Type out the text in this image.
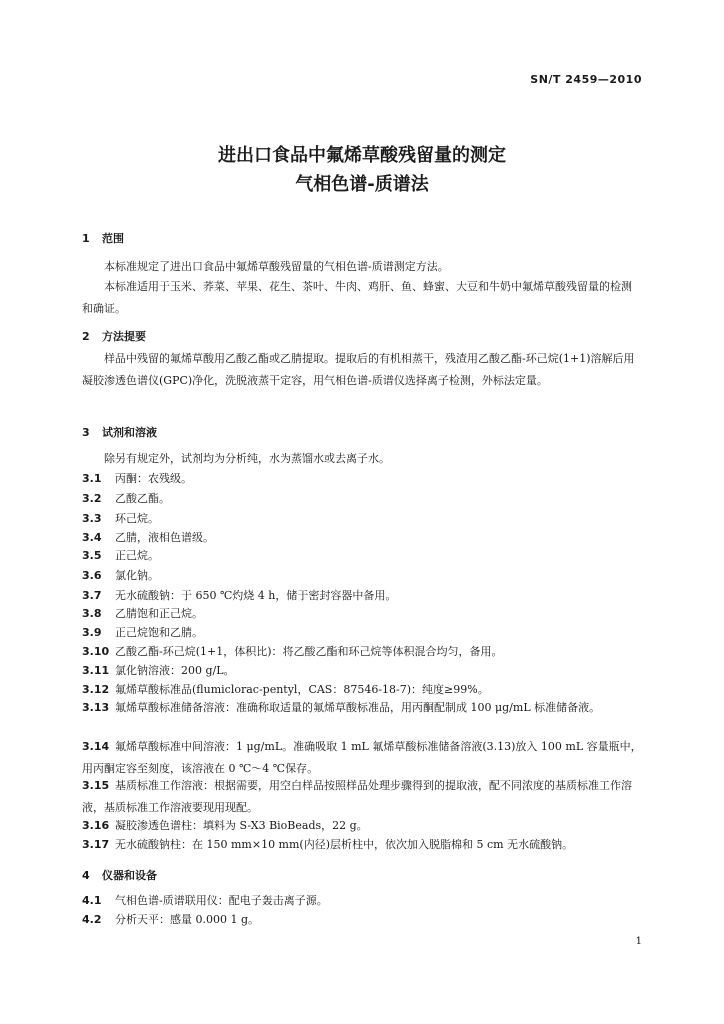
SN/T 2459—2010
进出口食品中氟烯草酸残留量的测定
气相色谱-质谱法
1 范围
本标准规定了进出口食品中氟烯草酸残留量的气相色谱-质谱测定方法。
本标准适用于玉米、荞菜、苹果、花生、茶叶、牛肉、鸡肝、鱼、蜂蜜、大豆和牛奶中氟烯草酸残留量的检测和确证。
2 方法提要
样品中残留的氟烯草酸用乙酸乙酯或乙腈提取。提取后的有机相蒸干，残渣用乙酸乙酯-环己烷(1+1)溶解后用凝胶渗透色谱仪(GPC)净化，洗脱液蒸干定容，用气相色谱-质谱仪选择离子检测，外标法定量。
3 试剂和溶液
除另有规定外，试剂均为分析纯，水为蒸馏水或去离子水。
3.1 丙酮：农残级。
3.2 乙酸乙酯。
3.3 环己烷。
3.4 乙腈，液相色谱级。
3.5 正己烷。
3.6 氯化钠。
3.7 无水硫酸钠：于 650 ℃灼烧 4 h，储于密封容器中备用。
3.8 乙腈饱和正己烷。
3.9 正己烷饱和乙腈。
3.10 乙酸乙酯-环己烷(1+1，体积比)：将乙酸乙酯和环己烷等体积混合均匀，备用。
3.11 氯化钠溶液：200 g/L。
3.12 氟烯草酸标准品(flumiclorac-pentyl，CAS：87546-18-7)：纯度≥99%。
3.13 氟烯草酸标准储备溶液：准确称取适量的氟烯草酸标准品，用丙酮配制成 100 μg/mL 标准储备液。
3.14 氟烯草酸标准中间溶液：1 μg/mL。准确吸取 1 mL 氟烯草酸标准储备溶液(3.13)放入 100 mL 容量瓶中，用丙酮定容至刻度，该溶液在 0 ℃～4 ℃保存。
3.15 基质标准工作溶液：根据需要，用空白样品按照样品处理步骤得到的提取液，配不同浓度的基质标准工作溶液，基质标准工作溶液要现用现配。
3.16 凝胶渗透色谱柱：填料为 S-X3 BioBeads，22 g。
3.17 无水硫酸钠柱：在 150 mm×10 mm(内径)层析柱中，依次加入脱脂棉和 5 cm 无水硫酸钠。
4 仪器和设备
4.1 气相色谱-质谱联用仪：配电子轰击离子源。
4.2 分析天平：感量 0.000 1 g。
1
